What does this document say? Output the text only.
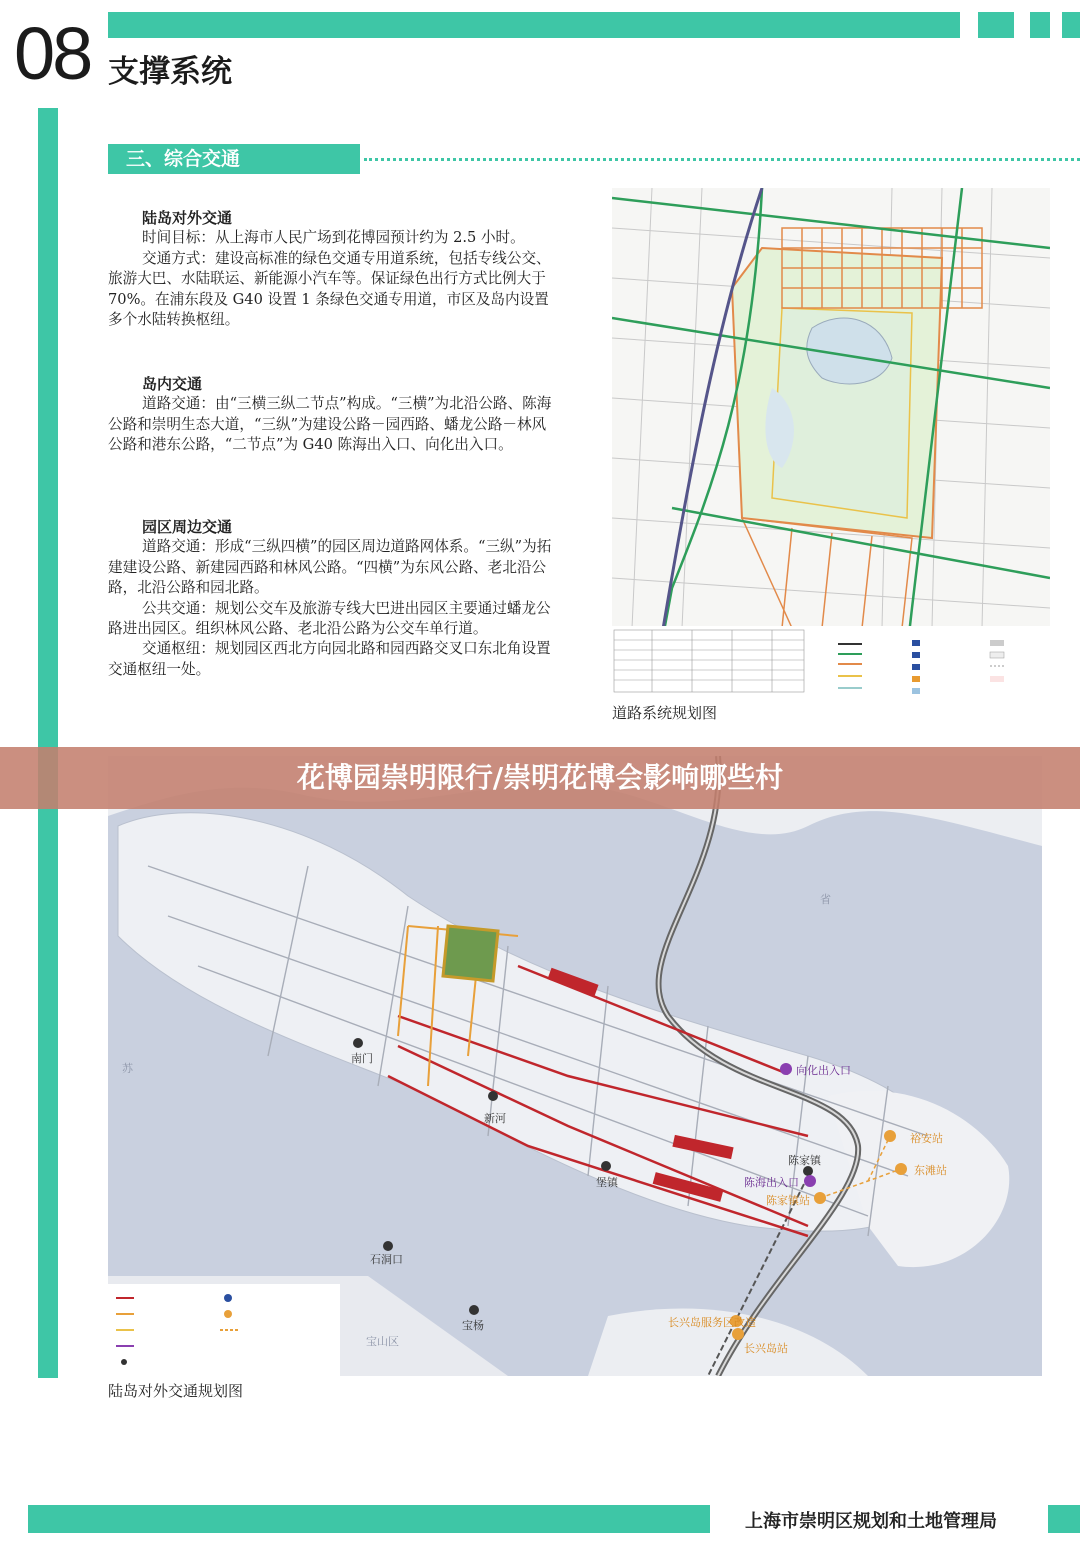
08 支撑系统
三、综合交通
陆岛对外交通

时间目标：从上海市人民广场到花博园预计约为 2.5 小时。

交通方式：建设高标准的绿色交通专用道系统，包括专线公交、旅游大巴、水陆联运、新能源小汽车等。保证绿色出行方式比例大于 70%。在浦东段及 G40 设置 1 条绿色交通专用道，市区及岛内设置多个水陆转换枢纽。

岛内交通

道路交通：由“三横三纵二节点”构成。“三横”为北沿公路、陈海公路和崇明生态大道，“三纵”为建设公路－园西路、蟠龙公路－林风公路和港东公路，“二节点”为 G40 陈海出入口、向化出入口。

园区周边交通

道路交通：形成“三纵四横”的园区周边道路网体系。“三纵”为拓建建设公路、新建园西路和林风公路。“四横”为东风公路、老北沿公路，北沿公路和园北路。

公共交通：规划公交车及旅游专线大巴进出园区主要通过蟠龙公路进出园区。组织林风公路、老北沿公路为公交车单行道。

交通枢纽：规划园区西北方向园北路和园西路交叉口东北角设置交通枢纽一处。

道路系统规划图
南门
新河
堡镇
陈家镇
石洞口
宝杨
宝山区
省
苏	向化出入口
陈海出入口
裕安站
东滩站
陈家镇站
长兴岛服务区改造
长兴岛站
陆岛对外交通规划图
花博园崇明限行/崇明花博会影响哪些村
上海市崇明区规划和土地管理局
